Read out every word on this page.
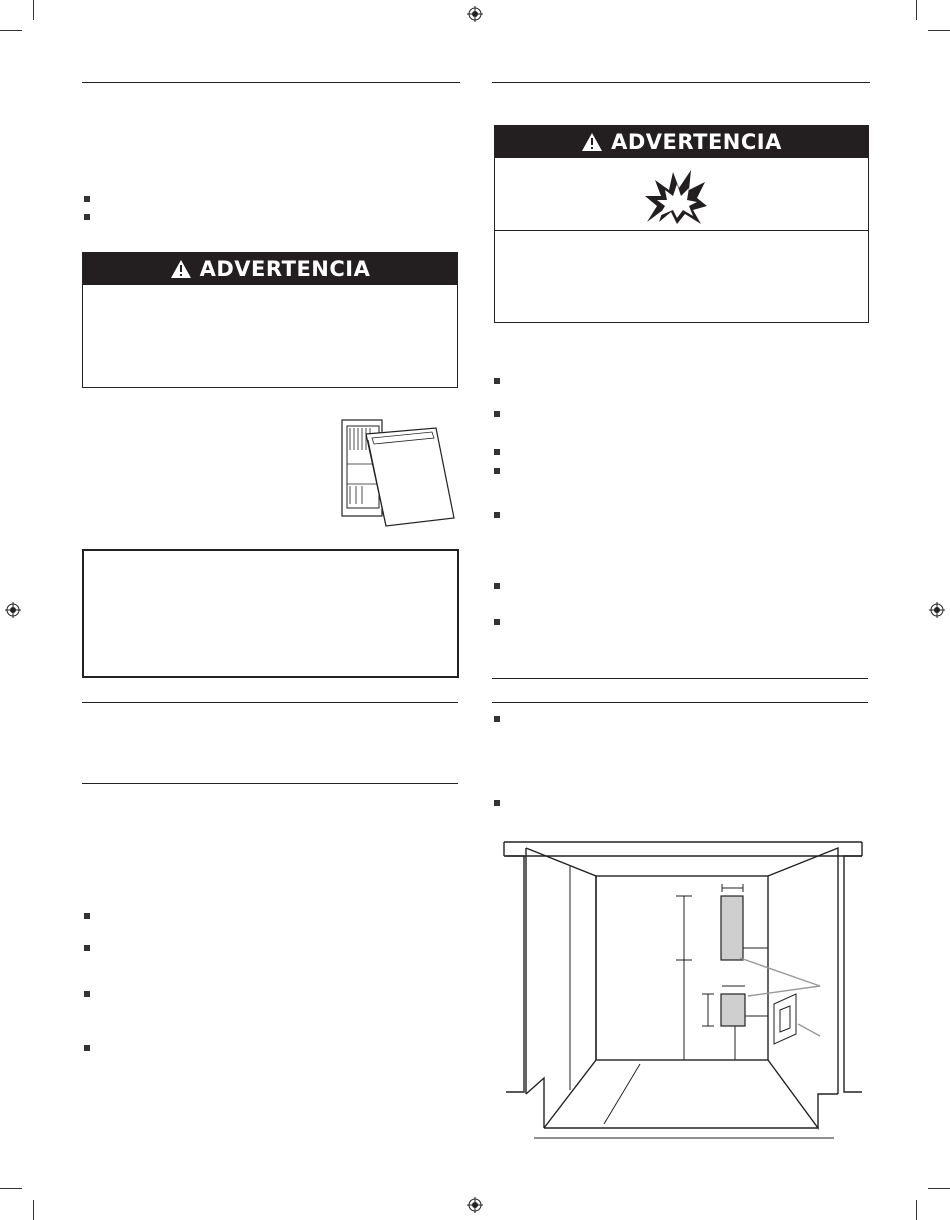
ADVERTENCIA
ADVERTENCIA
